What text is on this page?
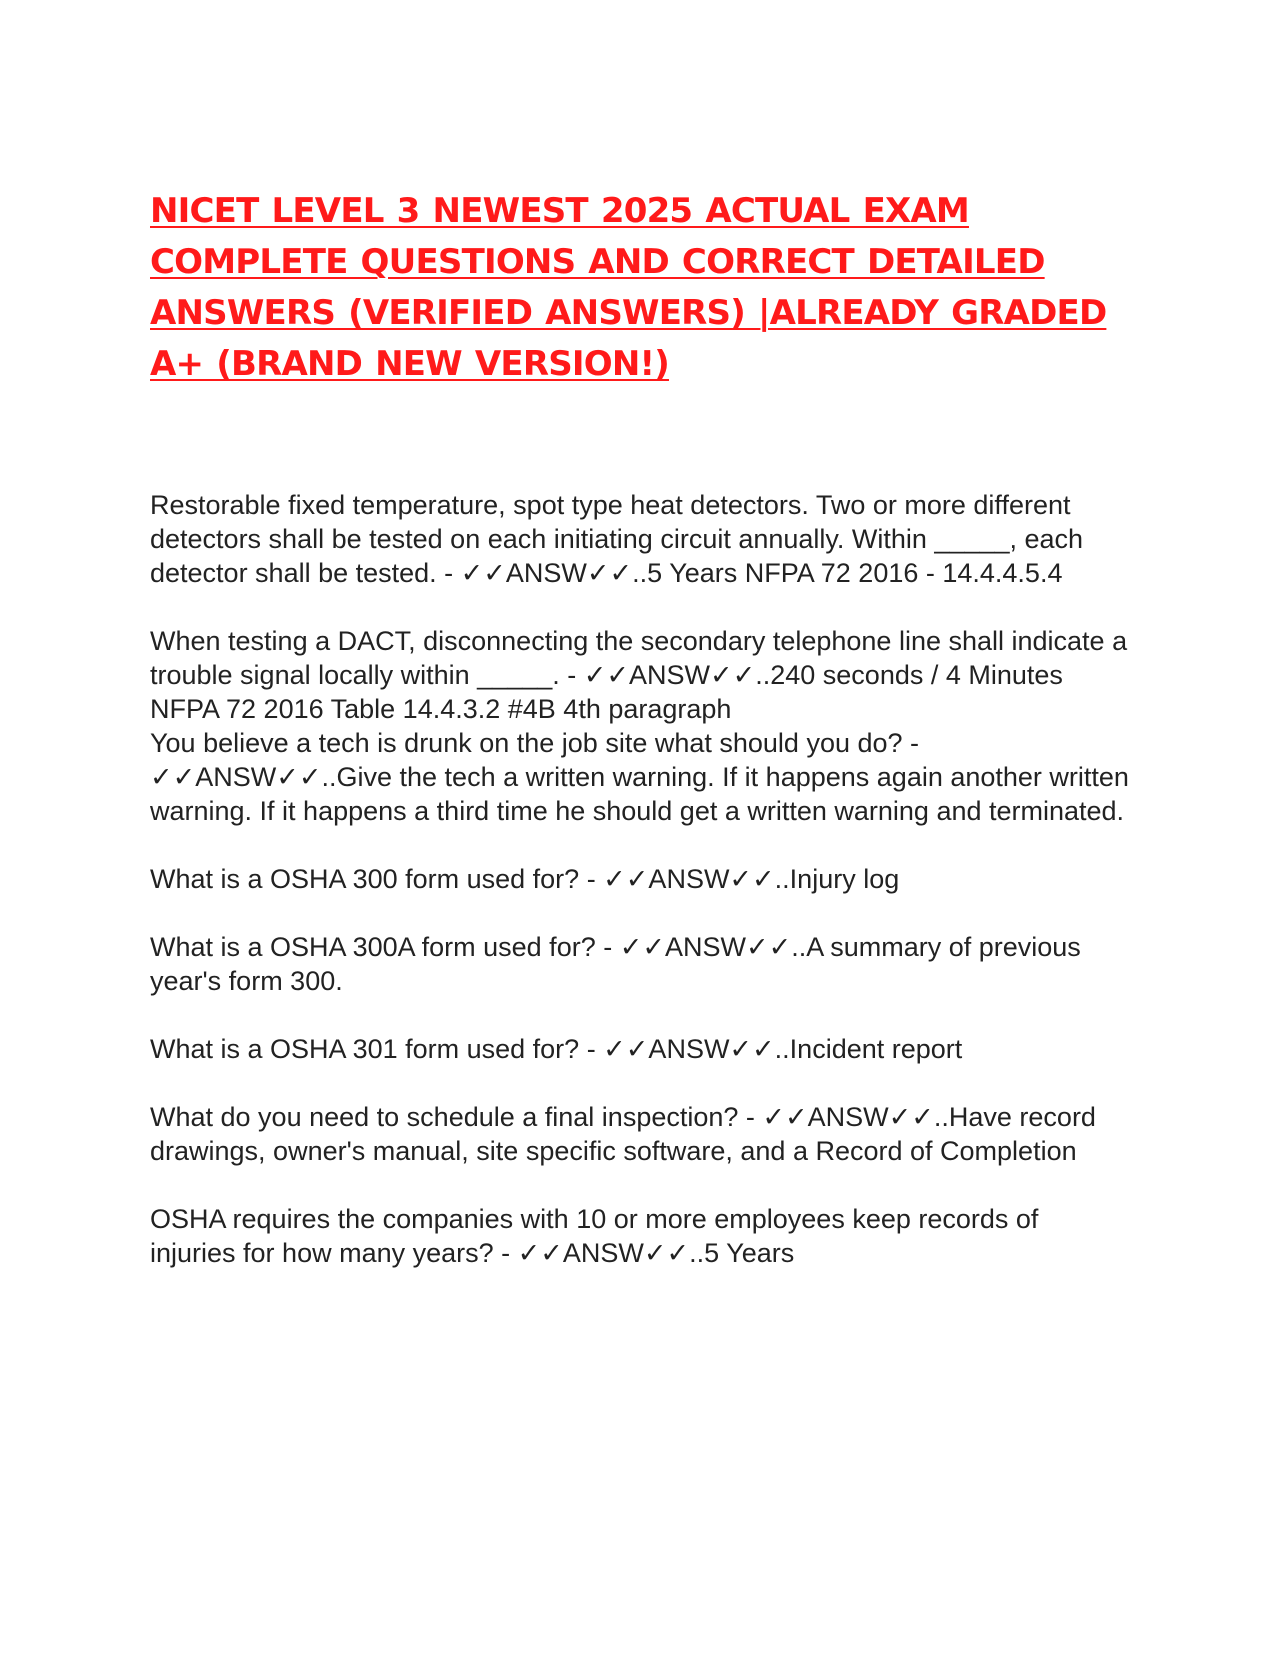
NICET LEVEL 3 NEWEST 2025 ACTUAL EXAM COMPLETE QUESTIONS AND CORRECT DETAILED ANSWERS (VERIFIED ANSWERS) |ALREADY GRADED A+ (BRAND NEW VERSION!)

Restorable fixed temperature, spot type heat detectors. Two or more different detectors shall be tested on each initiating circuit annually. Within _____, each detector shall be tested. - ✓✓ANSW✓✓..5 Years NFPA 72 2016 - 14.4.4.5.4

When testing a DACT, disconnecting the secondary telephone line shall indicate a trouble signal locally within _____. - ✓✓ANSW✓✓..240 seconds / 4 Minutes NFPA 72 2016 Table 14.4.3.2 #4B 4th paragraph

You believe a tech is drunk on the job site what should you do? - ✓✓ANSW✓✓..Give the tech a written warning. If it happens again another written warning. If it happens a third time he should get a written warning and terminated.

What is a OSHA 300 form used for? - ✓✓ANSW✓✓..Injury log

What is a OSHA 300A form used for? - ✓✓ANSW✓✓..A summary of previous year's form 300.

What is a OSHA 301 form used for? - ✓✓ANSW✓✓..Incident report

What do you need to schedule a final inspection? - ✓✓ANSW✓✓..Have record drawings, owner's manual, site specific software, and a Record of Completion

OSHA requires the companies with 10 or more employees keep records of injuries for how many years? - ✓✓ANSW✓✓..5 Years
